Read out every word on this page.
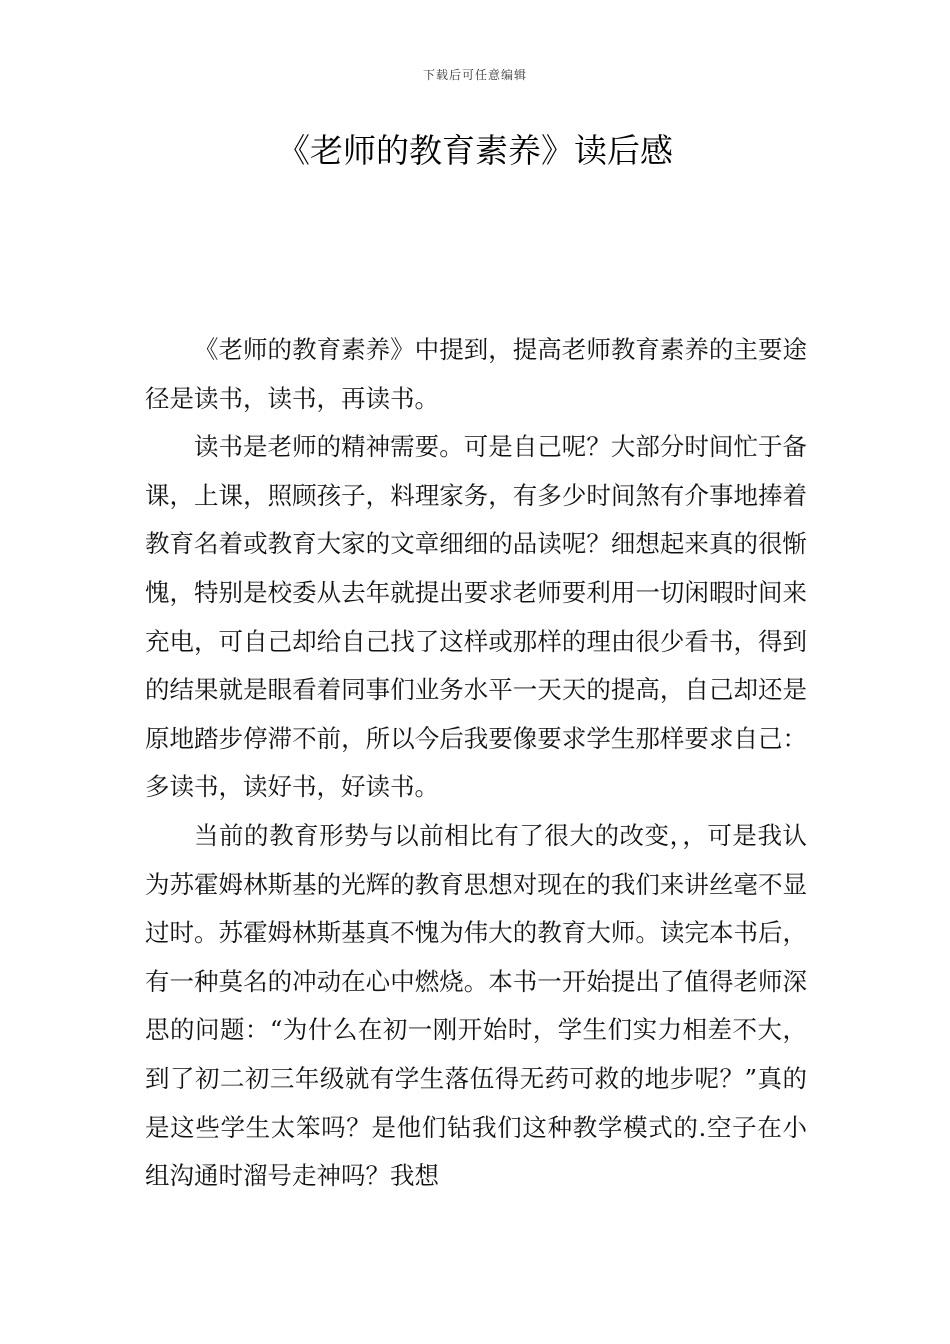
下载后可任意编辑
《老师的教育素养》读后感

《老师的教育素养》中提到，提高老师教育素养的主要途径是读书，读书，再读书。

读书是老师的精神需要。可是自己呢？大部分时间忙于备课，上课，照顾孩子，料理家务，有多少时间煞有介事地捧着教育名着或教育大家的文章细细的品读呢？细想起来真的很惭愧，特别是校委从去年就提出要求老师要利用一切闲暇时间来充电，可自己却给自己找了这样或那样的理由很少看书，得到的结果就是眼看着同事们业务水平一天天的提高，自己却还是原地踏步停滞不前，所以今后我要像要求学生那样要求自己：多读书，读好书，好读书。

当前的教育形势与以前相比有了很大的改变，，可是我认为苏霍姆林斯基的光辉的教育思想对现在的我们来讲丝毫不显过时。苏霍姆林斯基真不愧为伟大的教育大师。读完本书后，有一种莫名的冲动在心中燃烧。本书一开始提出了值得老师深思的问题：“为什么在初一刚开始时，学生们实力相差不大，到了初二初三年级就有学生落伍得无药可救的地步呢？”真的是这些学生太笨吗？是他们钻我们这种教学模式的.空子在小组沟通时溜号走神吗？我想
